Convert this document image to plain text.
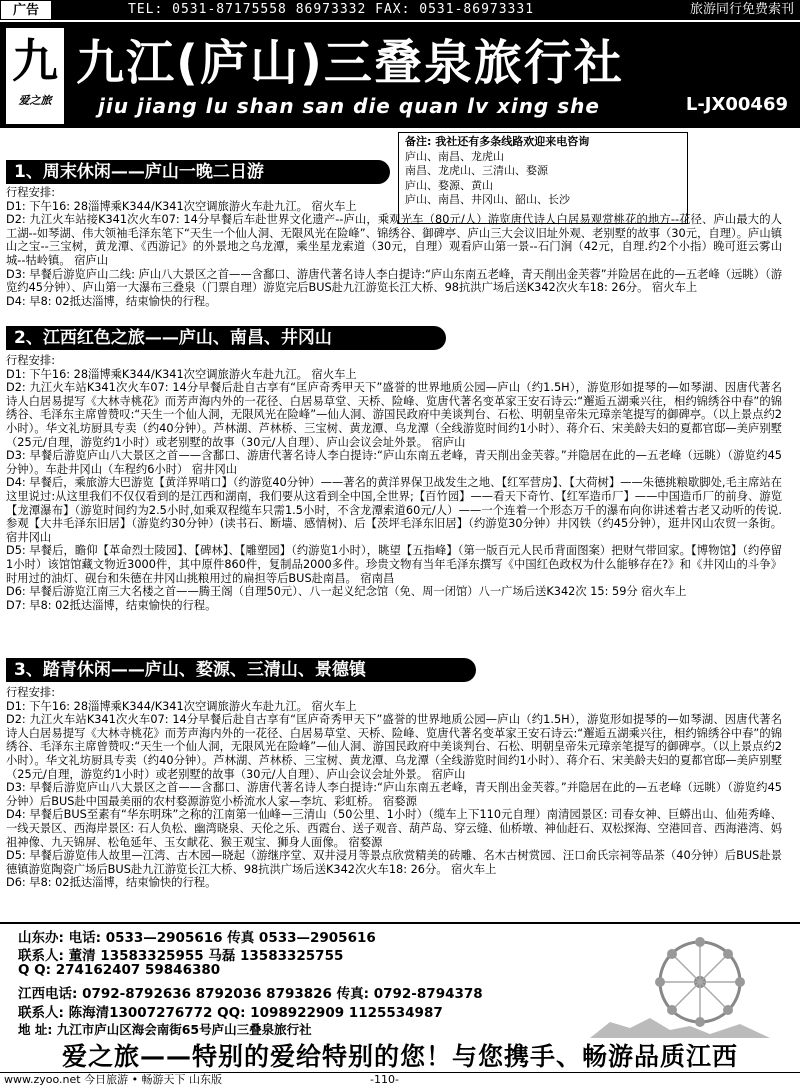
广告	TEL: 0531-87175558 86973332 FAX: 0531-86973331	旅游同行免费索刊
九
爱之旅
九江(庐山)三叠泉旅行社
jiu jiang lu shan san die quan lv xing she	L-JX00469
备注: 我社还有多条线路欢迎来电咨询
庐山、南昌、龙虎山
南昌、龙虎山、三清山、婺源
庐山、婺源、黄山
庐山、南昌、井冈山、韶山、长沙
1、周末休闲——庐山一晚二日游

行程安排:

D1: 下午16: 28淄博乘K344/K341次空调旅游火车赴九江。 宿火车上

D2: 九江火车站接K341次火车07: 14分早餐后车赴世界文化遗产--庐山，乘观光车（80元/人）游览唐代诗人白居易观赏桃花的地方--花径、庐山最大的人工湖--如琴湖、伟大领袖毛泽东笔下“天生一个仙人洞、无限风光在险峰”、锦绣谷、御碑亭、庐山三大会议旧址外观、老别墅的故事（30元，自理）。庐山镇山之宝--三宝树，黄龙潭、《西游记》的外景地之乌龙潭，乘坐星龙索道（30元，自理）观看庐山第一景--石门涧（42元，自理.约2个小指）晚可逛云雾山城--牯岭镇。 宿庐山

D3: 早餐后游览庐山二线: 庐山八大景区之首——含鄱口、游唐代著名诗人李白提诗:“庐山东南五老峰，青天削出金芙蓉”并险居在此的—五老峰（远眺）（游览约45分钟）、庐山第一大瀑布三叠泉（门票自理）游览完后BUS赴九江游览长江大桥、98抗洪广场后送K342次火车18: 26分。 宿火车上

D4: 早8: 02抵达淄博，结束愉快的行程。

2、江西红色之旅——庐山、南昌、井冈山

行程安排:

D1: 下午16: 28淄博乘K344/K341次空调旅游火车赴九江。 宿火车上

D2: 九江火车站K341次火车07: 14分早餐后赴自古享有“匡庐奇秀甲天下”盛誉的世界地质公园—庐山（约1.5H），游览形如提琴的—如琴湖、因唐代著名诗人白居易提写《大林寺桃花》而芳声海内外的一花径、白居易草堂、天桥、险峰、览唐代著名变革家王安石诗云:“邂逅五湖乘兴往，相约锦绣谷中春”的锦绣谷、毛泽东主席曾赞叹:“天生一个仙人洞，无限风光在险峰”—仙人洞、游国民政府中美谈判台、石松、明朝皇帝朱元璋亲笔提写的御碑亭。（以上景点约2小时）。华文礼坊厨具专卖（约40分钟）。芦林湖、芦林桥、三宝树、黄龙潭、乌龙潭（全线游览时间约1小时）、蒋介石、宋美龄夫妇的夏都官邸—美庐别墅（25元/自理，游览约1小时）或老别墅的故事（30元/人自理）、庐山会议会址外景。 宿庐山

D3: 早餐后游览庐山八大景区之首——含鄱口、游唐代著名诗人李白提诗:“庐山东南五老峰，青天削出金芙蓉。”并隐居在此的—五老峰（远眺）（游览约45分钟）。车赴井冈山（车程约6小时） 宿井冈山

D4: 早餐后，乘旅游大巴游览【黄洋界哨口】（约游览40分钟）——著名的黄洋界保卫战发生之地、【红军营房】、【大荷树】——朱德挑粮歇脚处,毛主席站在这里说过:从这里我们不仅仅看到的是江西和湖南，我们要从这看到全中国,全世界;【百竹园】——看天下奇竹、【红军造币厂】——中国造币厂的前身、游览【龙潭瀑布】（游览时间约为2.5小时,如乘双程缆车只需1.5小时，不含龙潭索道60元/人）——一个连着一个形态万千的瀑布向你讲述着古老又动听的传说.参观【大井毛泽东旧居】（游览约30分钟）(读书石、断墙、感情树)、后【茨坪毛泽东旧居】（约游览30分钟）井冈铁（约45分钟），逛井冈山农贸一条街。 宿井冈山

D5: 早餐后，瞻仰【革命烈士陵园】、【碑林】、【雕塑园】（约游览1小时），眺望【五指峰】（第一版百元人民币背面图案）把财气带回家。【博物馆】（约停留1小时）该馆馆藏文物近3000件，其中原件860件，复制品2000多件。珍贵文物有当年毛泽东撰写《中国红色政权为什么能够存在?》和《井冈山的斗争》时用过的油灯、砚台和朱德在井冈山挑粮用过的扁担等后BUS赴南昌。 宿南昌

D6: 早餐后游览江南三大名楼之首——腾王阁（自理50元）、八一起义纪念馆（免、周一闭馆）八一广场后送K342次 15: 59分 宿火车上

D7: 早8: 02抵达淄博，结束愉快的行程。

3、踏青休闲——庐山、婺源、三清山、景德镇

行程安排:

D1: 下午16: 28淄博乘K344/K341次空调旅游火车赴九江。 宿火车上

D2: 九江火车站K341次火车07: 14分早餐后赴自古享有“匡庐奇秀甲天下”盛誉的世界地质公园—庐山（约1.5H），游览形如提琴的—如琴湖、因唐代著名诗人白居易提写《大林寺桃花》而芳声海内外的一花径、白居易草堂、天桥、险峰、览唐代著名变革家王安石诗云:“邂逅五湖乘兴往，相约锦绣谷中春”的锦绣谷、毛泽东主席曾赞叹:“天生一个仙人洞，无限风光在险峰”—仙人洞、游国民政府中美谈判台、石松、明朝皇帝朱元璋亲笔提写的御碑亭。（以上景点约2小时）。华文礼坊厨具专卖（约40分钟）。芦林湖、芦林桥、三宝树、黄龙潭、乌龙潭（全线游览时间约1小时）、蒋介石、宋美龄夫妇的夏都官邸—美庐别墅（25元/自理，游览约1小时）或老别墅的故事（30元/人自理）、庐山会议会址外景。 宿庐山

D3: 早餐后游览庐山八大景区之首——含鄱口、游唐代著名诗人李白提诗:“庐山东南五老峰，青天削出金芙蓉。”并隐居在此的—五老峰（远眺）（游览约45分钟）后BUS赴中国最美丽的农村婺源游览小桥流水人家—李坑、彩虹桥。 宿婺源

D4: 早餐后BUS至素有“华东明珠”之称的江南第一仙峰—三清山（50公里、1小时）（缆车上下110元自理）南清园景区: 司春女神、巨蟒出山、仙苑秀峰、一线天景区、西海岸景区: 石人负松、幽湾晓泉、天伦之乐、西霞台、送子观音、葫芦岛、穿云缝、仙桥墩、神仙赶石、双松探海、空港回音、西海港湾、妈祖神像、九天锦屏、松龟延年、玉女献花、猴王观宝、狮身人面像。 宿婺源

D5: 早餐后游览伟人故里—江湾、古木园—晓起（游继序堂、双井浸月等景点欣赏精美的砖雕、名木古树赏园、汪口俞氏宗祠等品茶（40分钟）后BUS赴景德镇游览陶瓷广场后BUS赴九江游览长江大桥、98抗洪广场后送K342次火车18: 26分。 宿火车上

D6: 早8: 02抵达淄博，结束愉快的行程。

山东办: 电话: 0533—2905616 传真 0533—2905616
联系人: 董清 13583325955 马磊 13583325755
Q Q: 274162407 59846380
江西电话: 0792-8792636 8792036 8793826 传真: 0792-8794378
联系人: 陈海清13007276772 QQ: 1098922909 1125534987
地 址: 九江市庐山区海会南街65号庐山三叠泉旅行社
爱之旅——特别的爱给特别的您！与您携手、畅游品质江西
www.zyoo.net 今日旅游 • 畅游天下 山东版	-110-
